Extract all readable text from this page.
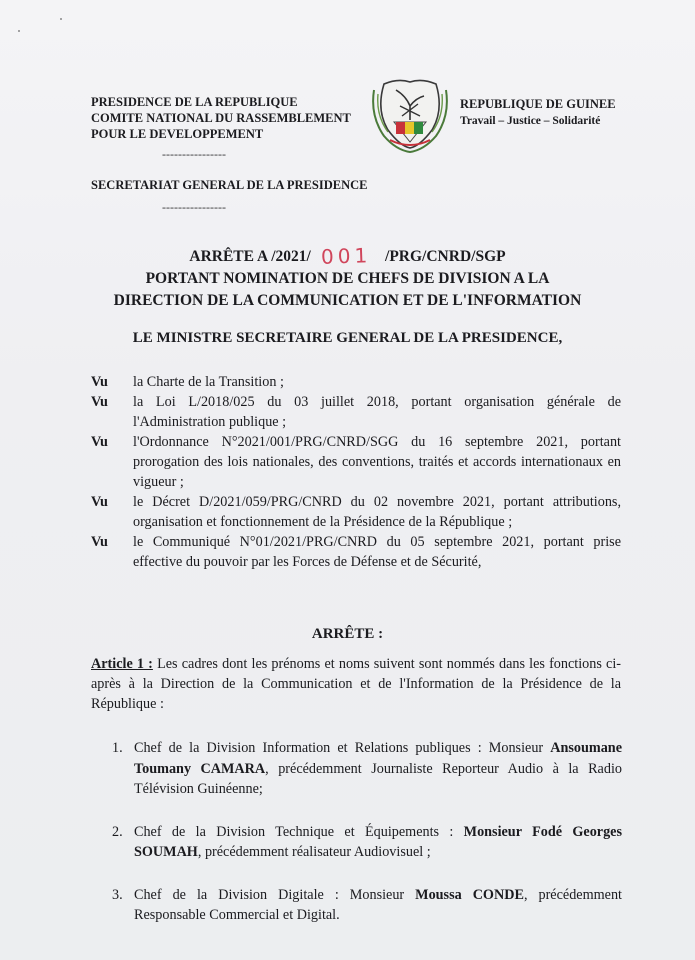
PRESIDENCE DE LA REPUBLIQUE
COMITE NATIONAL DU RASSEMBLEMENT
POUR LE DEVELOPPEMENT
----------------
SECRETARIAT GENERAL DE LA PRESIDENCE
----------------
REPUBLIQUE DE GUINEE
Travail – Justice – Solidarité
ARRÊTE A /2021/ 001 /PRG/CNRD/SGP
PORTANT NOMINATION DE CHEFS DE DIVISION A LA
DIRECTION DE LA COMMUNICATION ET DE L'INFORMATION
LE MINISTRE SECRETAIRE GENERAL DE LA PRESIDENCE,
Vu	la Charte de la Transition ;
Vu	la Loi L/2018/025 du 03 juillet 2018, portant organisation générale de l'Administration publique ;
Vu	l'Ordonnance N°2021/001/PRG/CNRD/SGG du 16 septembre 2021, portant prorogation des lois nationales, des conventions, traités et accords internationaux en vigueur ;
Vu	le Décret D/2021/059/PRG/CNRD du 02 novembre 2021, portant attributions, organisation et fonctionnement de la Présidence de la République ;
Vu	le Communiqué N°01/2021/PRG/CNRD du 05 septembre 2021, portant prise effective du pouvoir par les Forces de Défense et de Sécurité,
ARRÊTE :
Article 1 : Les cadres dont les prénoms et noms suivent sont nommés dans les fonctions ci-après à la Direction de la Communication et de l'Information de la Présidence de la République :
1. Chef de la Division Information et Relations publiques : Monsieur Ansoumane Toumany CAMARA, précédemment Journaliste Reporteur Audio à la Radio Télévision Guinéenne;
2. Chef de la Division Technique et Équipements : Monsieur Fodé Georges SOUMAH, précédemment réalisateur Audiovisuel ;
3. Chef de la Division Digitale : Monsieur Moussa CONDE, précédemment Responsable Commercial et Digital.
